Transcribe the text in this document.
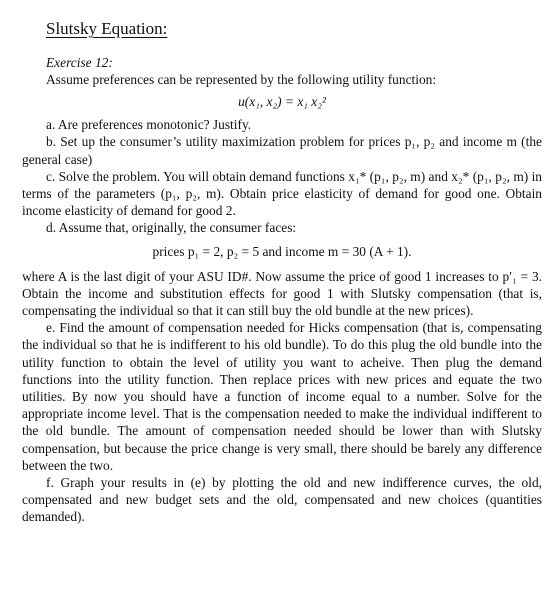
Slutsky Equation:

Exercise 12:

Assume preferences can be represented by the following utility function:

u(x₁, x₂) = x₁ x₂²

a. Are preferences monotonic? Justify.

b. Set up the consumer’s utility maximization problem for prices p₁, p₂ and income m (the general case)

c. Solve the problem. You will obtain demand functions x₁* (p₁, p₂, m) and x₂* (p₁, p₂, m) in terms of the parameters (p₁, p₂, m). Obtain price elasticity of demand for good one. Obtain income elasticity of demand for good 2.

d. Assume that, originally, the consumer faces:

prices p₁ = 2, p₂ = 5 and income m = 30 (A + 1).

where A is the last digit of your ASU ID#. Now assume the price of good 1 increases to p′₁ = 3. Obtain the income and substitution effects for good 1 with Slutsky compensation (that is, compensating the individual so that it can still buy the old bundle at the new prices).

e. Find the amount of compensation needed for Hicks compensation (that is, compensating the individual so that he is indifferent to his old bundle). To do this plug the old bundle into the utility function to obtain the level of utility you want to acheive. Then plug the demand functions into the utility function. Then replace prices with new prices and equate the two utilities. By now you should have a function of income equal to a number. Solve for the appropriate income level. That is the compensation needed to make the individual indifferent to the old bundle. The amount of compensation needed should be lower than with Slutsky compensation, but because the price change is very small, there should be barely any difference between the two.

f. Graph your results in (e) by plotting the old and new indifference curves, the old, compensated and new budget sets and the old, compensated and new choices (quantities demanded).
